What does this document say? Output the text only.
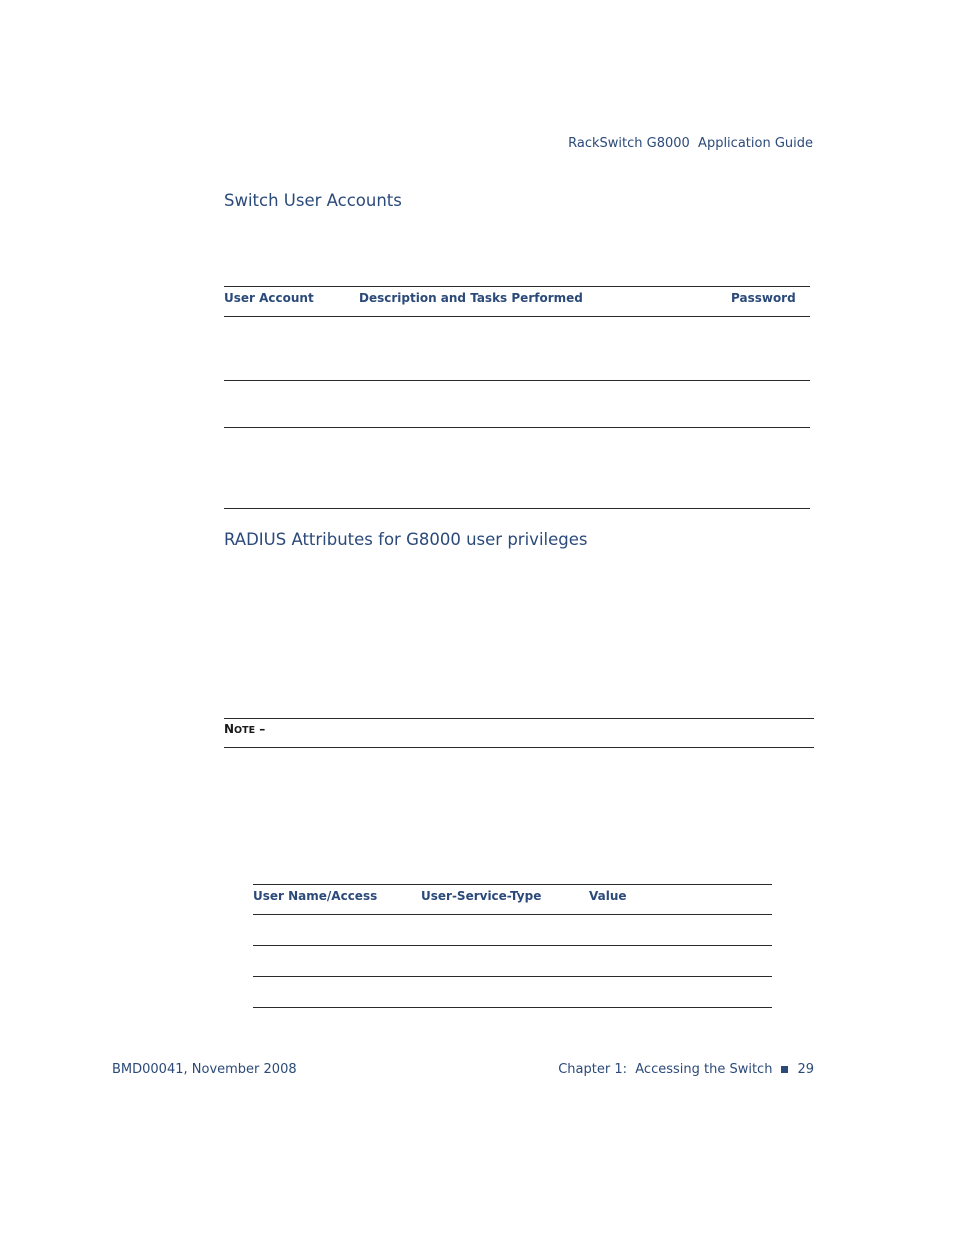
RackSwitch G8000  Application Guide
Switch User Accounts
User Account	Description and Tasks Performed	Password
RADIUS Attributes for G8000 user privileges
NOTE –
User Name/Access	User-Service-Type	Value
BMD00041, November 2008	Chapter 1:  Accessing the Switch 29
